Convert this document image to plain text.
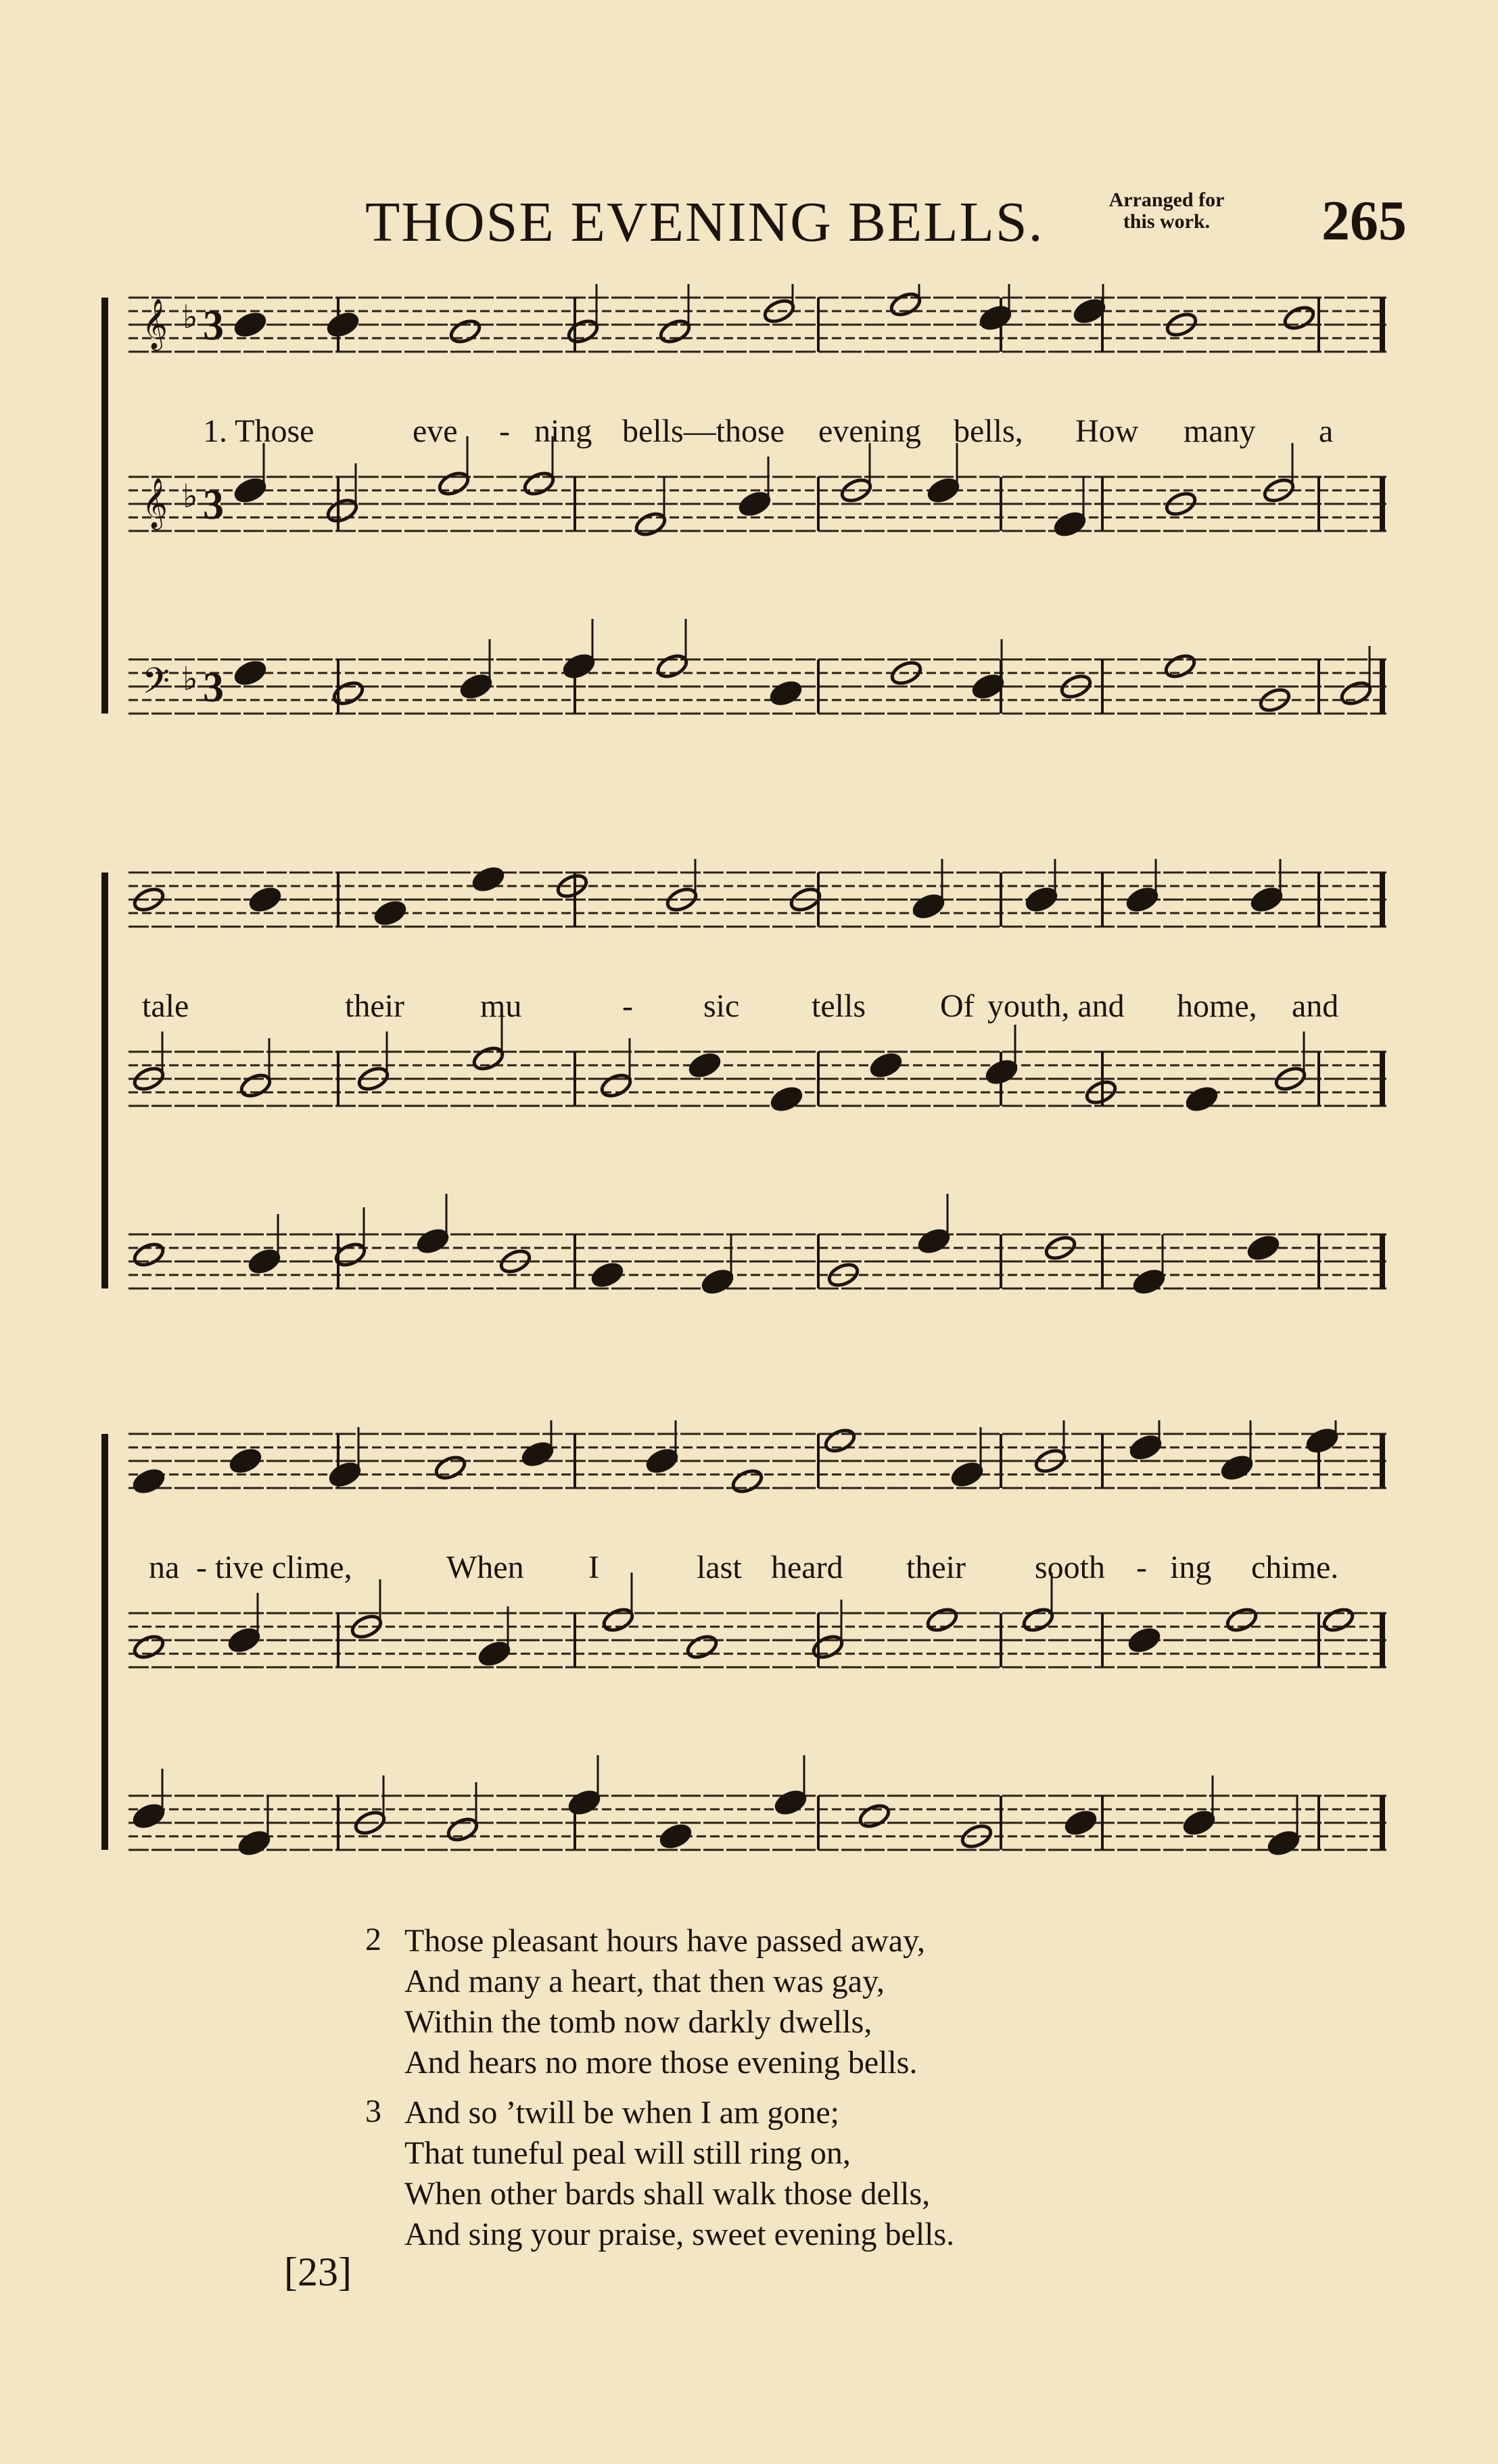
THOSE EVENING BELLS.	Arranged for
this work.	265
𝄞 ♭ 3
𝄞 ♭ 3
𝄢 ♭ 3
1. Those	eve - ning bells—those evening bells, How many a
tale	their mu	- sic tells Of youth, and home, and
na - tive clime,	When I	last heard their sooth - ing chime.
2 Those pleasant hours have passed away,
And many a heart, that then was gay,
Within the tomb now darkly dwells,
And hears no more those evening bells.
3 And so ’twill be when I am gone;
That tuneful peal will still ring on,
When other bards shall walk those dells,
And sing your praise, sweet evening bells.
[23]
